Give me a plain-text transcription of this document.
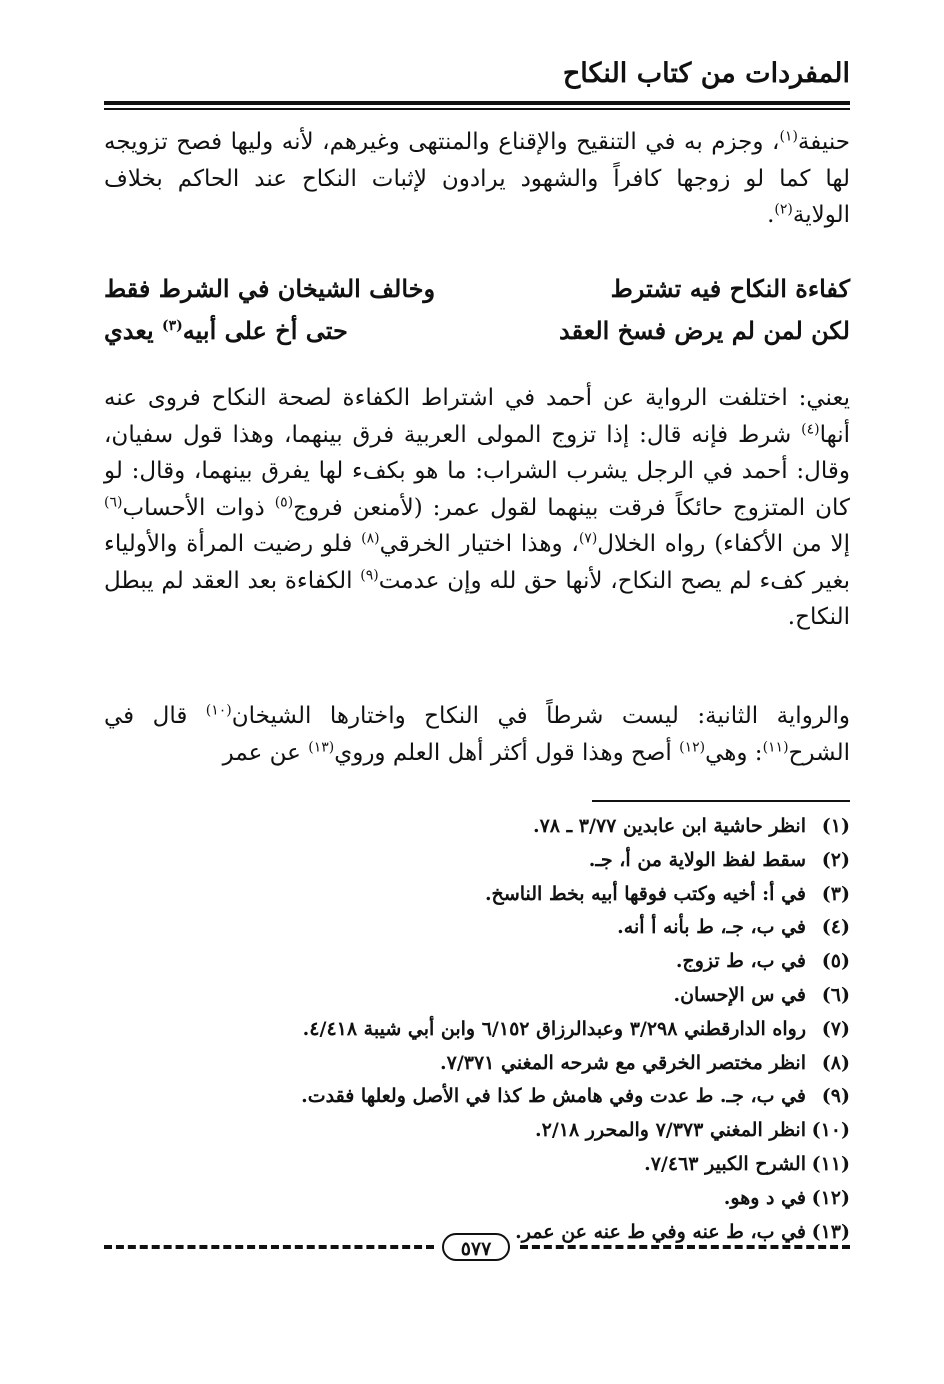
المفردات من كتاب النكاح

حنيفة$^{(١)}$، وجزم به في التنقيح والإقناع والمنتهى وغيرهم، لأنه وليها فصح تزويجه لها كما لو زوجها كافراً والشهود يرادون لإثبات النكاح عند الحاكم بخلاف الولاية$^{(٢)}$.

كفاءة النكاح فيه تشترط
وخالف الشيخان في الشرط فقط
لكن لمن لم يرض فسخ العقد
حتى أخ على أبيه$^{(٣)}$ يعدي

يعني: اختلفت الرواية عن أحمد في اشتراط الكفاءة لصحة النكاح فروى عنه أنها$^{(٤)}$ شرط فإنه قال: إذا تزوج المولى العربية فرق بينهما، وهذا قول سفيان، وقال: أحمد في الرجل يشرب الشراب: ما هو بكفء لها يفرق بينهما، وقال: لو كان المتزوج حائكاً فرقت بينهما لقول عمر: (لأمنعن فروج$^{(٥)}$ ذوات الأحساب$^{(٦)}$ إلا من الأكفاء) رواه الخلال$^{(٧)}$، وهذا اختيار الخرقي$^{(٨)}$ فلو رضيت المرأة والأولياء بغير كفء لم يصح النكاح، لأنها حق لله وإن عدمت$^{(٩)}$ الكفاءة بعد العقد لم يبطل النكاح.

والرواية الثانية: ليست شرطاً في النكاح واختارها الشيخان$^{(١٠)}$ قال في الشرح$^{(١١)}$: وهي$^{(١٢)}$ أصح وهذا قول أكثر أهل العلم وروي$^{(١٣)}$ عن عمر

(١)انظر حاشية ابن عابدين ٣/٧٧ ـ ٧٨.
(٢)سقط لفظ الولاية من أ، جـ.
(٣)في أ: أخيه وكتب فوقها أبيه بخط الناسخ.
(٤)في ب، جـ، ط بأنه أ أنه.
(٥)في ب، ط تزوج.
(٦)في س الإحسان.
(٧)رواه الدارقطني ٣/٢٩٨ وعبدالرزاق ٦/١٥٢ وابن أبي شيبة ٤/٤١٨.
(٨)انظر مختصر الخرقي مع شرحه المغني ٧/٣٧١.
(٩)في ب، جـ. ط عدت وفي هامش ط كذا في الأصل ولعلها فقدت.
(١٠)انظر المغني ٧/٣٧٣ والمحرر ٢/١٨.
(١١)الشرح الكبير ٧/٤٦٣.
(١٢)في د وهو.
(١٣)في ب، ط عنه وفي ط عنه عن عمر.
٥٧٧
